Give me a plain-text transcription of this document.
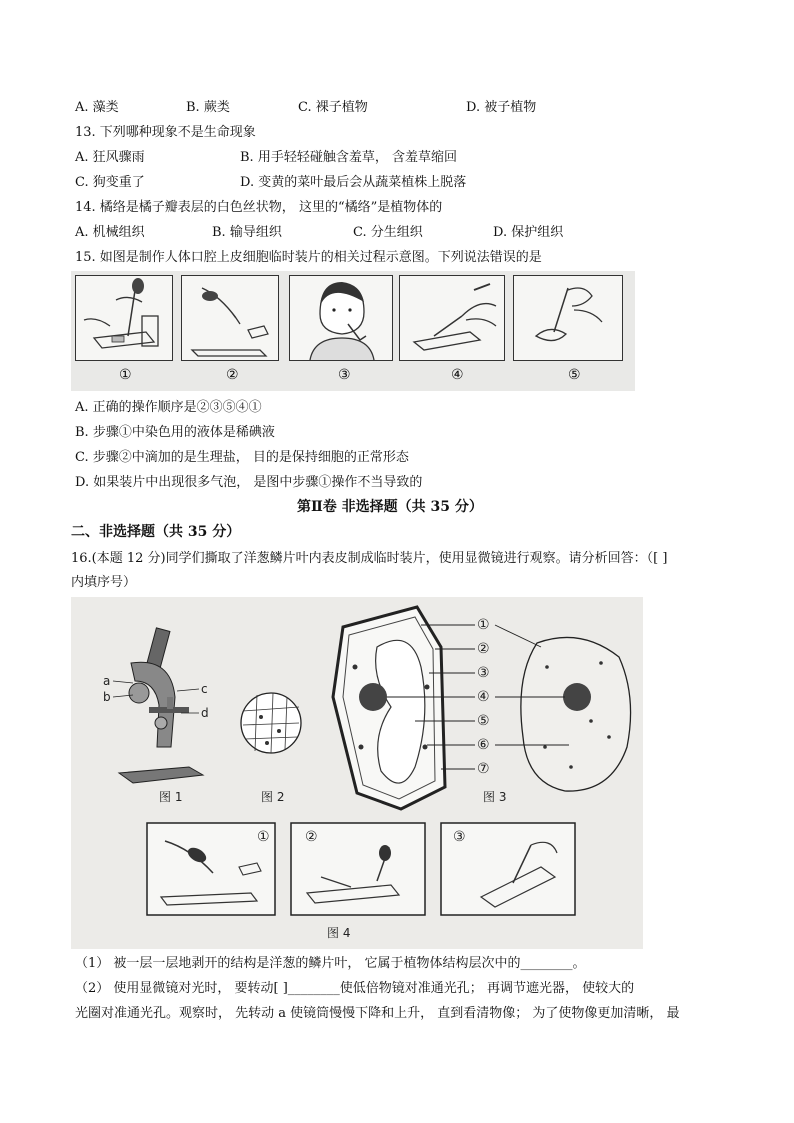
A. 藻类	B. 蕨类	C. 裸子植物	D. 被子植物
13. 下列哪种现象不是生命现象
A. 狂风骤雨	B. 用手轻轻碰触含羞草， 含羞草缩回
C. 狗变重了	D. 变黄的菜叶最后会从蔬菜植株上脱落
14. 橘络是橘子瓣表层的白色丝状物， 这里的“橘络”是植物体的
A. 机械组织	B. 输导组织	C. 分生组织	D. 保护组织
15. 如图是制作人体口腔上皮细胞临时装片的相关过程示意图。下列说法错误的是
①	②	③	④	⑤
A. 正确的操作顺序是②③⑤④①
B. 步骤①中染色用的液体是稀碘液
C. 步骤②中滴加的是生理盐， 目的是保持细胞的正常形态
D. 如果装片中出现很多气泡， 是图中步骤①操作不当导致的
第Ⅱ卷 非选择题（共 35 分）
二、非选择题（共 35 分）
16.(本题 12 分)同学们撕取了洋葱鳞片叶内表皮制成临时装片，使用显微镜进行观察。请分析回答：（[ ]
内填序号）
a
b
c
d
图 1	图 2
①
②
③
④
⑤
⑥
⑦
图 3
①	②	③
图 4
（1） 被一层一层地剥开的结构是洋葱的鳞片叶， 它属于植物体结构层次中的________。
（2） 使用显微镜对光时， 要转动[ ]________使低倍物镜对准通光孔； 再调节遮光器， 使较大的
光圈对准通光孔。观察时， 先转动 a 使镜筒慢慢下降和上升， 直到看清物像； 为了使物像更加清晰， 最
